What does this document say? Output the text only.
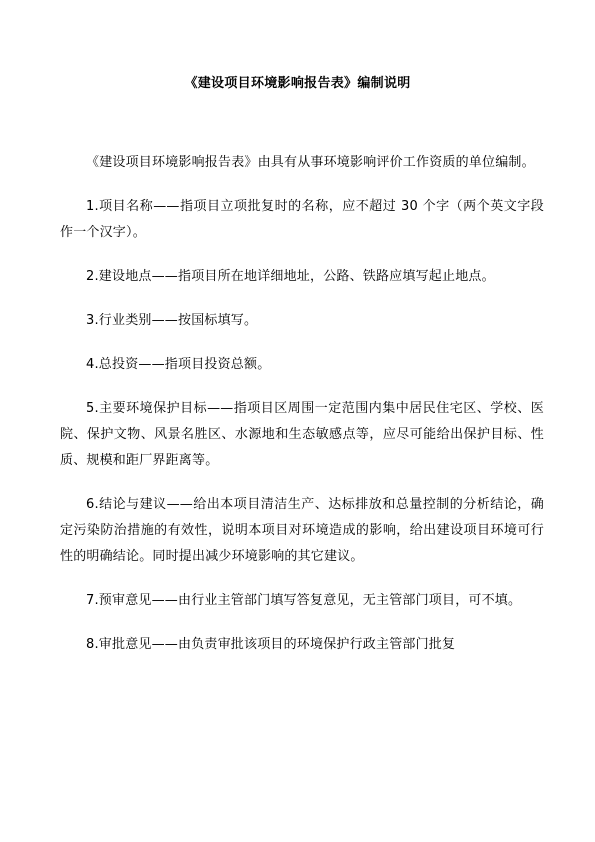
《建设项目环境影响报告表》编制说明

《建设项目环境影响报告表》由具有从事环境影响评价工作资质的单位编制。

1.项目名称——指项目立项批复时的名称，应不超过 30 个字（两个英文字段作一个汉字）。

2.建设地点——指项目所在地详细地址，公路、铁路应填写起止地点。

3.行业类别——按国标填写。

4.总投资——指项目投资总额。

5.主要环境保护目标——指项目区周围一定范围内集中居民住宅区、学校、医院、保护文物、风景名胜区、水源地和生态敏感点等，应尽可能给出保护目标、性质、规模和距厂界距离等。

6.结论与建议——给出本项目清洁生产、达标排放和总量控制的分析结论，确定污染防治措施的有效性，说明本项目对环境造成的影响，给出建设项目环境可行性的明确结论。同时提出减少环境影响的其它建议。

7.预审意见——由行业主管部门填写答复意见，无主管部门项目，可不填。

8.审批意见——由负责审批该项目的环境保护行政主管部门批复
